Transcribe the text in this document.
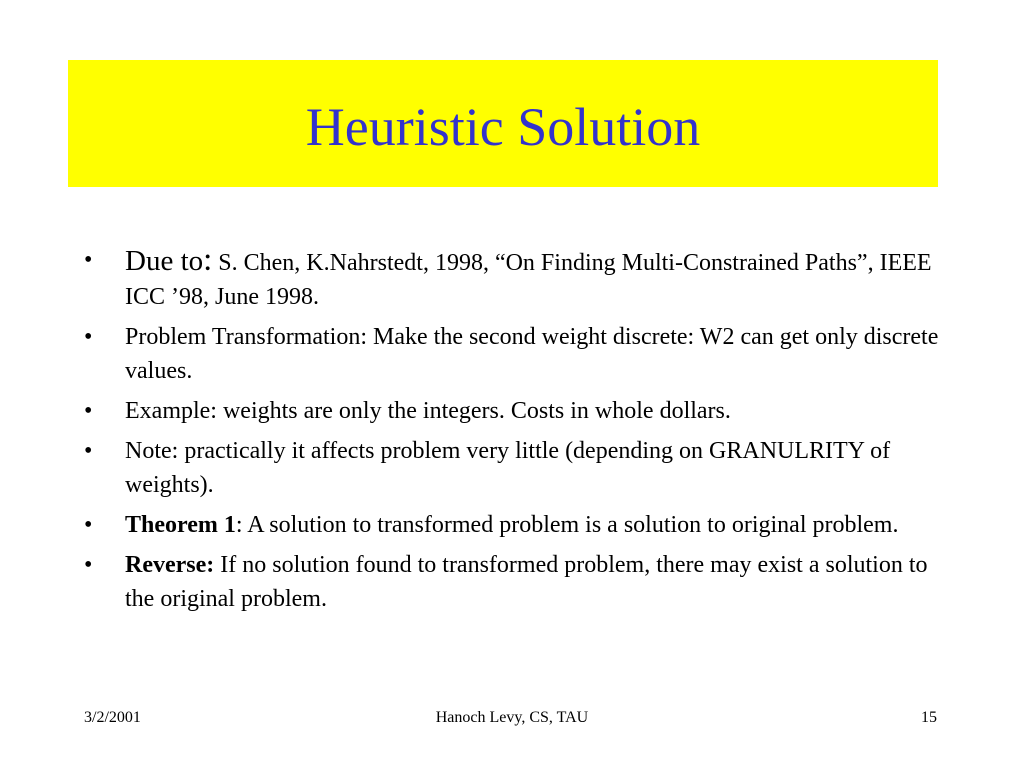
Heuristic Solution
•	Due to: S. Chen, K.Nahrstedt, 1998, “On Finding Multi-Constrained Paths”, IEEE ICC ’98, June 1998.
•	Problem Transformation: Make the second weight discrete: W2 can get only discrete values.
•	Example: weights are only the integers. Costs in whole dollars.
•	Note: practically it affects problem very little (depending on GRANULRITY of weights).
•	Theorem 1: A solution to transformed problem is a solution to original problem.
•	Reverse: If no solution found to transformed problem, there may exist a solution to the original problem.
3/2/2001	Hanoch Levy, CS, TAU	15
